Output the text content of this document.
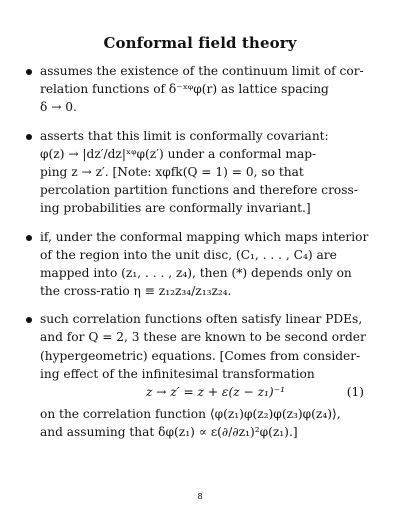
Conformal field theory
assumes the existence of the continuum limit of cor-
relation functions of δ⁻ˣᵠφ(r) as lattice spacing
δ → 0.
asserts that this limit is conformally covariant:
φ(z) → |dz′/dz|ˣᵠφ(z′) under a conformal map-
ping z → z′. [Note: xφfk(Q = 1) = 0, so that
percolation partition functions and therefore cross-
ing probabilities are conformally invariant.]
if, under the conformal mapping which maps interior
of the region into the unit disc, (C₁, . . . , C₄) are
mapped into (z₁, . . . , z₄), then (*) depends only on
the cross-ratio η ≡ z₁₂z₃₄/z₁₃z₂₄.
such correlation functions often satisfy linear PDEs,
and for Q = 2, 3 these are known to be second order
(hypergeometric) equations. [Comes from consider-
ing effect of the infinitesimal transformation
z → z′ = z + ε(z − z₁)⁻¹	(1)
on the correlation function ⟨φ(z₁)φ(z₂)φ(z₃)φ(z₄)⟩,
and assuming that δφ(z₁) ∝ ε(∂/∂z₁)²φ(z₁).]
8
